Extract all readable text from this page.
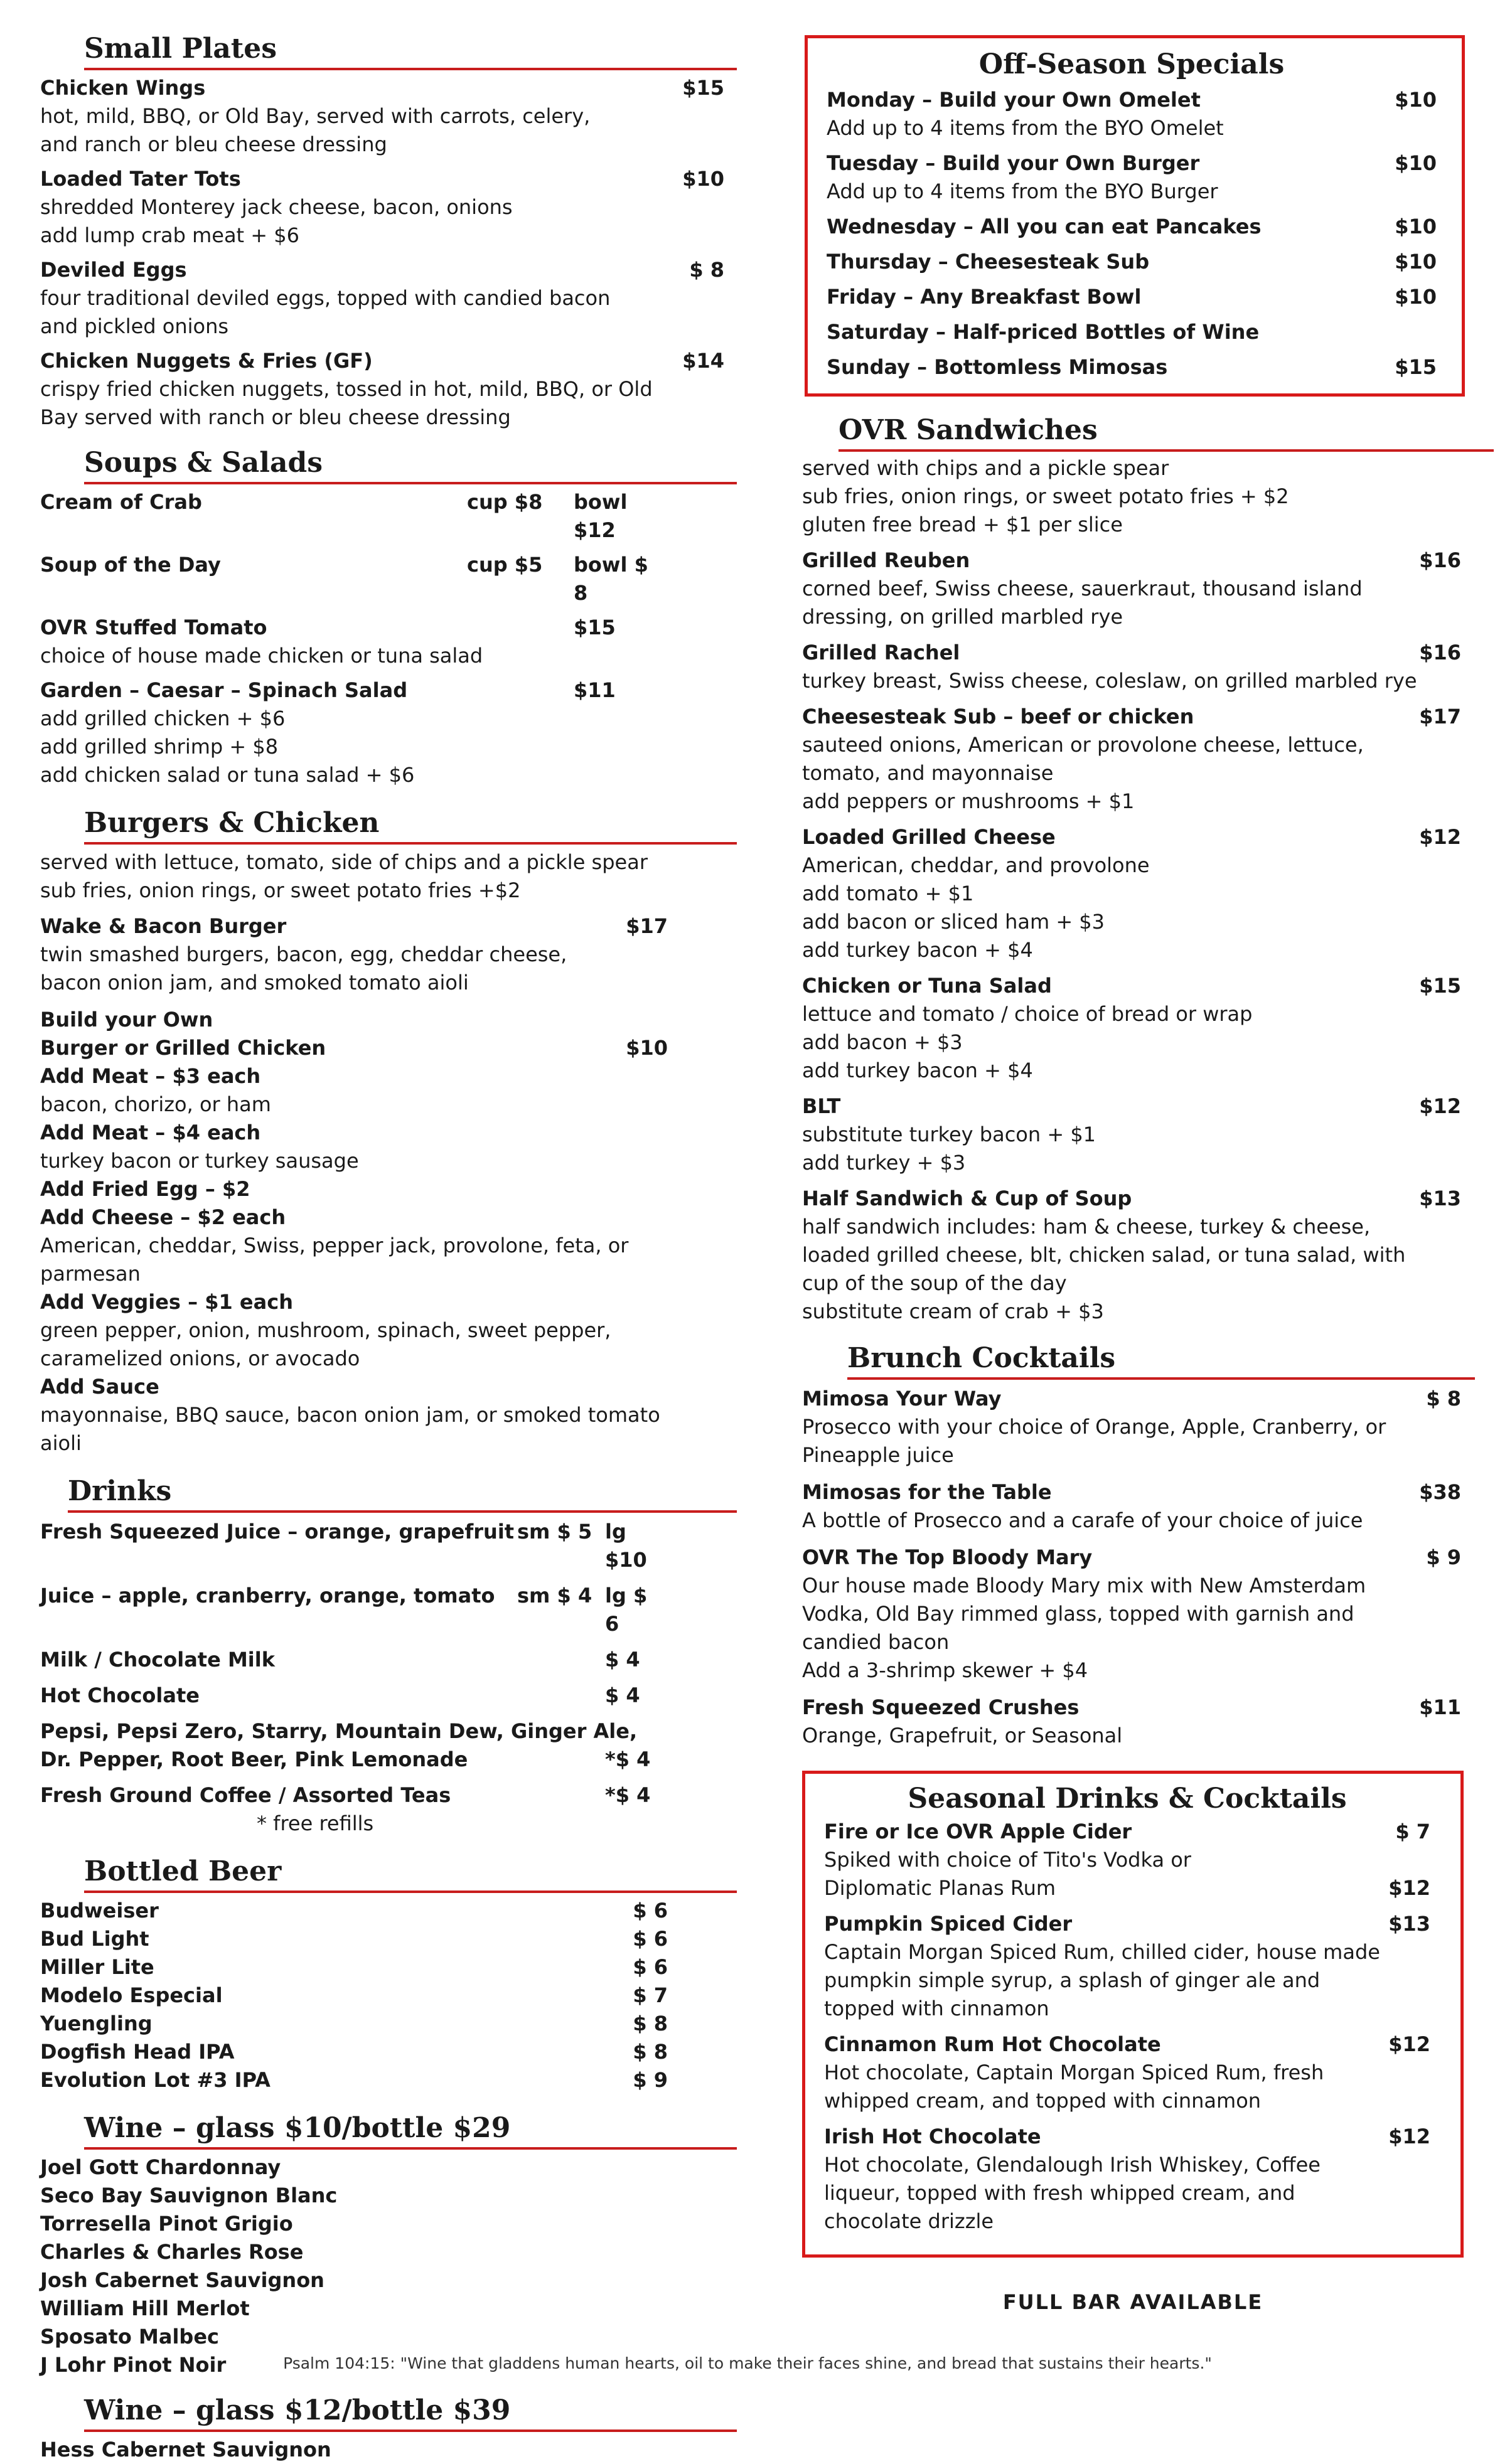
Small Plates
Chicken Wings	$15
hot, mild, BBQ, or Old Bay, served with carrots, celery,
and ranch or bleu cheese dressing
Loaded Tater Tots	$10
shredded Monterey jack cheese, bacon, onions
add lump crab meat + $6
Deviled Eggs	$ 8
four traditional deviled eggs, topped with candied bacon
and pickled onions
Chicken Nuggets & Fries (GF)	$14
crispy fried chicken nuggets, tossed in hot, mild, BBQ, or Old
Bay served with ranch or bleu cheese dressing
Soups & Salads
Cream of Crab	cup $8	bowl $12
Soup of the Day	cup $5	bowl $ 8
OVR Stuffed Tomato	$15
choice of house made chicken or tuna salad
Garden – Caesar – Spinach Salad	$11
add grilled chicken + $6
add grilled shrimp + $8
add chicken salad or tuna salad + $6
Burgers & Chicken
served with lettuce, tomato, side of chips and a pickle spear
sub fries, onion rings, or sweet potato fries +$2
Wake & Bacon Burger	$17
twin smashed burgers, bacon, egg, cheddar cheese,
bacon onion jam, and smoked tomato aioli
Build your Own
Burger or Grilled Chicken	$10
Add Meat – $3 each
bacon, chorizo, or ham
Add Meat – $4 each
turkey bacon or turkey sausage
Add Fried Egg – $2
Add Cheese – $2 each
American, cheddar, Swiss, pepper jack, provolone, feta, or
parmesan
Add Veggies – $1 each
green pepper, onion, mushroom, spinach, sweet pepper,
caramelized onions, or avocado
Add Sauce
mayonnaise, BBQ sauce, bacon onion jam, or smoked tomato
aioli
Drinks
Fresh Squeezed Juice – orange, grapefruit sm $ 5 lg $10
Juice – apple, cranberry, orange, tomato	sm $ 4 lg $ 6
Milk / Chocolate Milk	$ 4
Hot Chocolate	$ 4
Pepsi, Pepsi Zero, Starry, Mountain Dew, Ginger Ale,
Dr. Pepper, Root Beer, Pink Lemonade	*$ 4
Fresh Ground Coffee / Assorted Teas	*$ 4
* free refills
Bottled Beer
Budweiser	$ 6
Bud Light	$ 6
Miller Lite	$ 6
Modelo Especial	$ 7
Yuengling	$ 8
Dogfish Head IPA	$ 8
Evolution Lot #3 IPA	$ 9
Wine – glass $10/bottle $29
Joel Gott Chardonnay
Seco Bay Sauvignon Blanc
Torresella Pinot Grigio
Charles & Charles Rose
Josh Cabernet Sauvignon
William Hill Merlot
Sposato Malbec
J Lohr Pinot Noir
Wine – glass $12/bottle $39
Hess Cabernet Sauvignon
Off-Season Specials
Monday – Build your Own Omelet	$10
Add up to 4 items from the BYO Omelet
Tuesday – Build your Own Burger	$10
Add up to 4 items from the BYO Burger
Wednesday – All you can eat Pancakes	$10
Thursday – Cheesesteak Sub	$10
Friday – Any Breakfast Bowl	$10
Saturday – Half-priced Bottles of Wine
Sunday – Bottomless Mimosas	$15
OVR Sandwiches
served with chips and a pickle spear
sub fries, onion rings, or sweet potato fries + $2
gluten free bread + $1 per slice
Grilled Reuben	$16
corned beef, Swiss cheese, sauerkraut, thousand island
dressing, on grilled marbled rye
Grilled Rachel	$16
turkey breast, Swiss cheese, coleslaw, on grilled marbled rye
Cheesesteak Sub – beef or chicken	$17
sauteed onions, American or provolone cheese, lettuce,
tomato, and mayonnaise
add peppers or mushrooms + $1
Loaded Grilled Cheese	$12
American, cheddar, and provolone
add tomato + $1
add bacon or sliced ham + $3
add turkey bacon + $4
Chicken or Tuna Salad	$15
lettuce and tomato / choice of bread or wrap
add bacon + $3
add turkey bacon + $4
BLT	$12
substitute turkey bacon + $1
add turkey + $3
Half Sandwich & Cup of Soup	$13
half sandwich includes: ham & cheese, turkey & cheese,
loaded grilled cheese, blt, chicken salad, or tuna salad, with
cup of the soup of the day
substitute cream of crab + $3
Brunch Cocktails
Mimosa Your Way	$ 8
Prosecco with your choice of Orange, Apple, Cranberry, or
Pineapple juice
Mimosas for the Table	$38
A bottle of Prosecco and a carafe of your choice of juice
OVR The Top Bloody Mary	$ 9
Our house made Bloody Mary mix with New Amsterdam
Vodka, Old Bay rimmed glass, topped with garnish and
candied bacon
Add a 3-shrimp skewer + $4
Fresh Squeezed Crushes	$11
Orange, Grapefruit, or Seasonal
Seasonal Drinks & Cocktails
Fire or Ice OVR Apple Cider	$ 7
Spiked with choice of Tito's Vodka or
Diplomatic Planas Rum	$12
Pumpkin Spiced Cider	$13
Captain Morgan Spiced Rum, chilled cider, house made
pumpkin simple syrup, a splash of ginger ale and
topped with cinnamon
Cinnamon Rum Hot Chocolate	$12
Hot chocolate, Captain Morgan Spiced Rum, fresh
whipped cream, and topped with cinnamon
Irish Hot Chocolate	$12
Hot chocolate, Glendalough Irish Whiskey, Coffee
liqueur, topped with fresh whipped cream, and
chocolate drizzle
FULL BAR AVAILABLE
Psalm 104:15: "Wine that gladdens human hearts, oil to make their faces shine, and bread that sustains their hearts."
